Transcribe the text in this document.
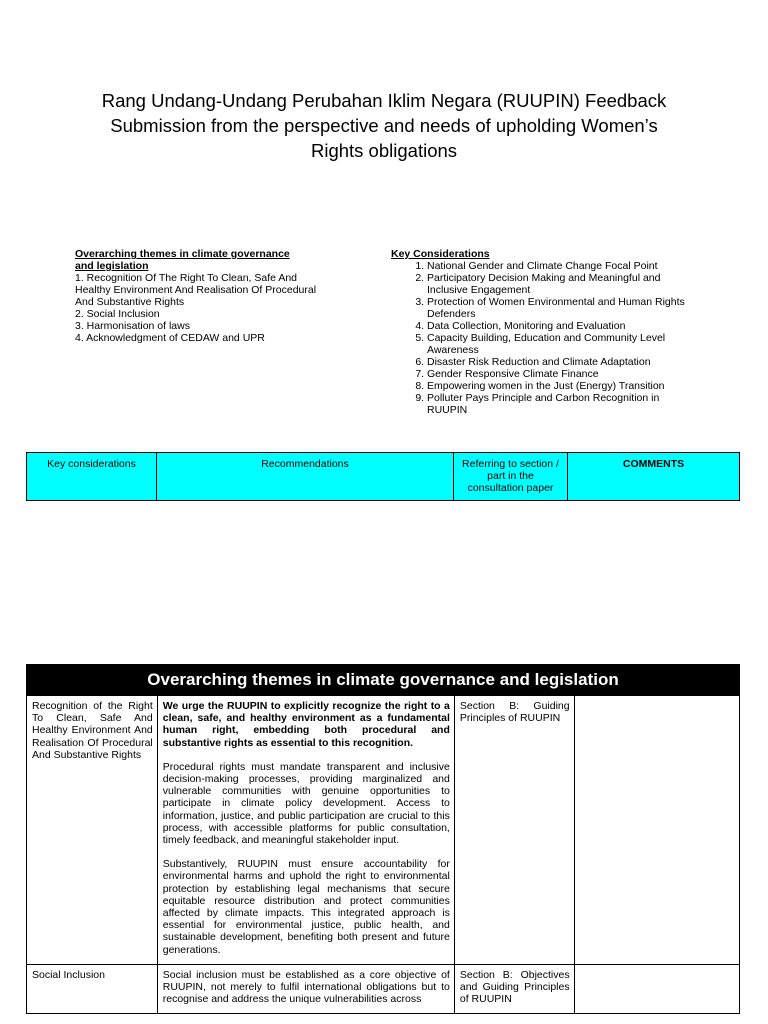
Rang Undang-Undang Perubahan Iklim Negara (RUUPIN) Feedback
Submission from the perspective and needs of upholding Women’s
Rights obligations
Overarching themes in climate governance
and legislation
1. Recognition Of The Right To Clean, Safe And Healthy Environment And Realisation Of Procedural And Substantive Rights
2. Social Inclusion
3. Harmonisation of laws
4. Acknowledgment of CEDAW and UPR
Key Considerations
1. National Gender and Climate Change Focal Point
2. Participatory Decision Making and Meaningful and Inclusive Engagement
3. Protection of Women Environmental and Human Rights Defenders
4. Data Collection, Monitoring and Evaluation
5. Capacity Building, Education and Community Level Awareness
6. Disaster Risk Reduction and Climate Adaptation
7. Gender Responsive Climate Finance
8. Empowering women in the Just (Energy) Transition
9. Polluter Pays Principle and Carbon Recognition in RUUPIN
Key considerations	Recommendations	Referring to section / part in the consultation paper	COMMENTS
Overarching themes in climate governance and legislation
Recognition of the Right To Clean, Safe And Healthy Environment And Realisation Of Procedural And Substantive Rights	We urge the RUUPIN to explicitly recognize the right to a clean, safe, and healthy environment as a fundamental human right, embedding both procedural and substantive rights as essential to this recognition.

Procedural rights must mandate transparent and inclusive decision-making processes, providing marginalized and vulnerable communities with genuine opportunities to participate in climate policy development. Access to information, justice, and public participation are crucial to this process, with accessible platforms for public consultation, timely feedback, and meaningful stakeholder input.

Substantively, RUUPIN must ensure accountability for environmental harms and uphold the right to environmental protection by establishing legal mechanisms that secure equitable resource distribution and protect communities affected by climate impacts. This integrated approach is essential for environmental justice, public health, and sustainable development, benefiting both present and future generations.	Section B: Guiding Principles of RUUPIN	
Social Inclusion	Social inclusion must be established as a core objective of RUUPIN, not merely to fulfil international obligations but to recognise and address the unique vulnerabilities across	Section B: Objectives and Guiding Principles of RUUPIN	
